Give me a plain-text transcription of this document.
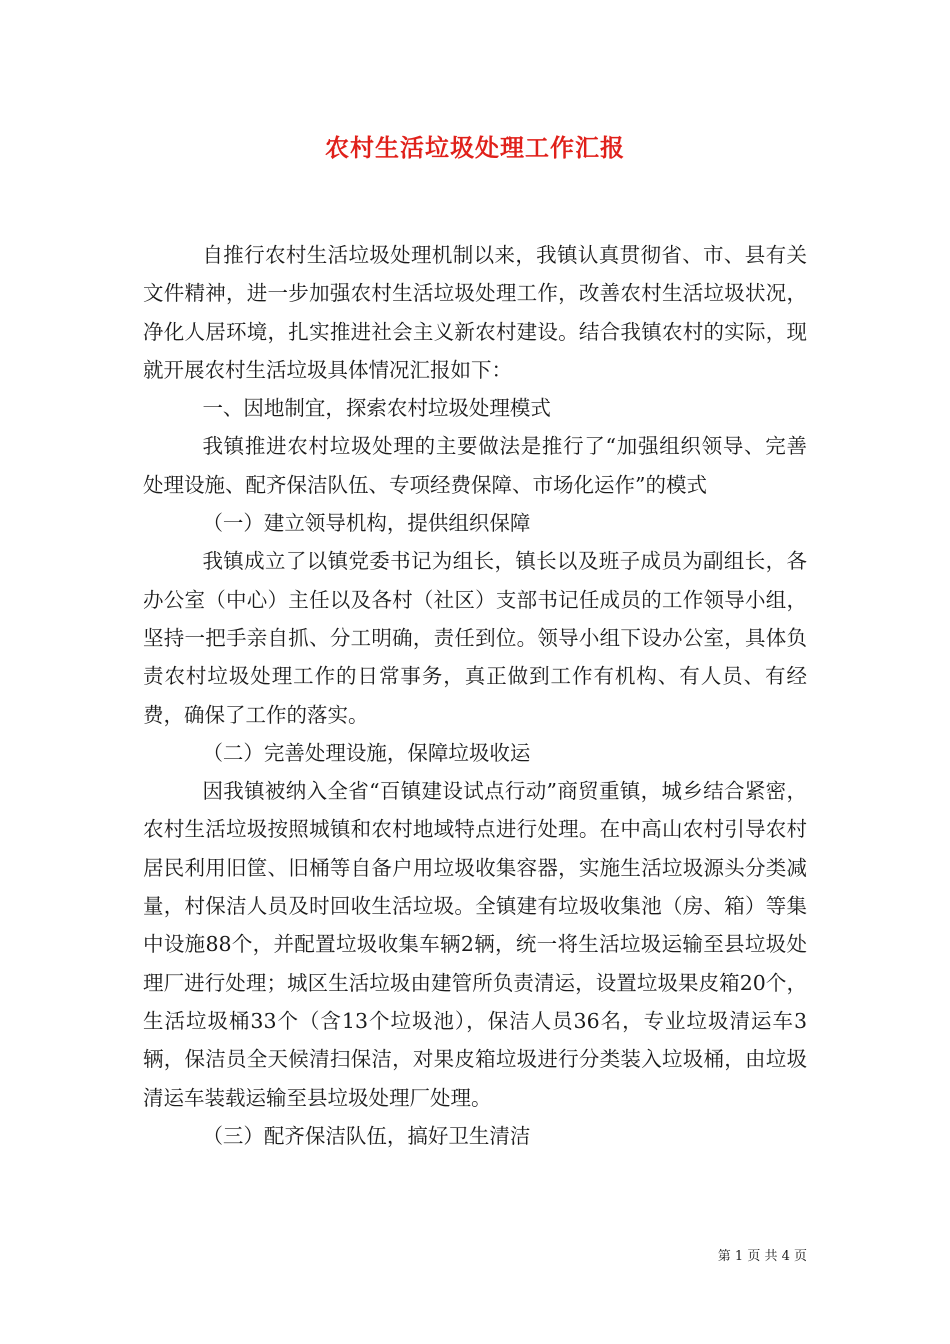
农村生活垃圾处理工作汇报

自推行农村生活垃圾处理机制以来，我镇认真贯彻省、市、县有关文件精神，进一步加强农村生活垃圾处理工作，改善农村生活垃圾状况，净化人居环境，扎实推进社会主义新农村建设。结合我镇农村的实际，现就开展农村生活垃圾具体情况汇报如下：

一、因地制宜，探索农村垃圾处理模式

我镇推进农村垃圾处理的主要做法是推行了“加强组织领导、完善处理设施、配齐保洁队伍、专项经费保障、市场化运作”的模式

（一）建立领导机构，提供组织保障

我镇成立了以镇党委书记为组长，镇长以及班子成员为副组长，各办公室（中心）主任以及各村（社区）支部书记任成员的工作领导小组，坚持一把手亲自抓、分工明确，责任到位。领导小组下设办公室，具体负责农村垃圾处理工作的日常事务，真正做到工作有机构、有人员、有经费，确保了工作的落实。

（二）完善处理设施，保障垃圾收运

因我镇被纳入全省“百镇建设试点行动”商贸重镇，城乡结合紧密，农村生活垃圾按照城镇和农村地域特点进行处理。在中高山农村引导农村居民利用旧筐、旧桶等自备户用垃圾收集容器，实施生活垃圾源头分类减量，村保洁人员及时回收生活垃圾。全镇建有垃圾收集池（房、箱）等集中设施88个，并配置垃圾收集车辆2辆，统一将生活垃圾运输至县垃圾处理厂进行处理；城区生活垃圾由建管所负责清运，设置垃圾果皮箱20个，生活垃圾桶33个（含13个垃圾池），保洁人员36名，专业垃圾清运车3辆，保洁员全天候清扫保洁，对果皮箱垃圾进行分类装入垃圾桶，由垃圾清运车装载运输至县垃圾处理厂处理。

（三）配齐保洁队伍，搞好卫生清洁

第 1 页 共 4 页
